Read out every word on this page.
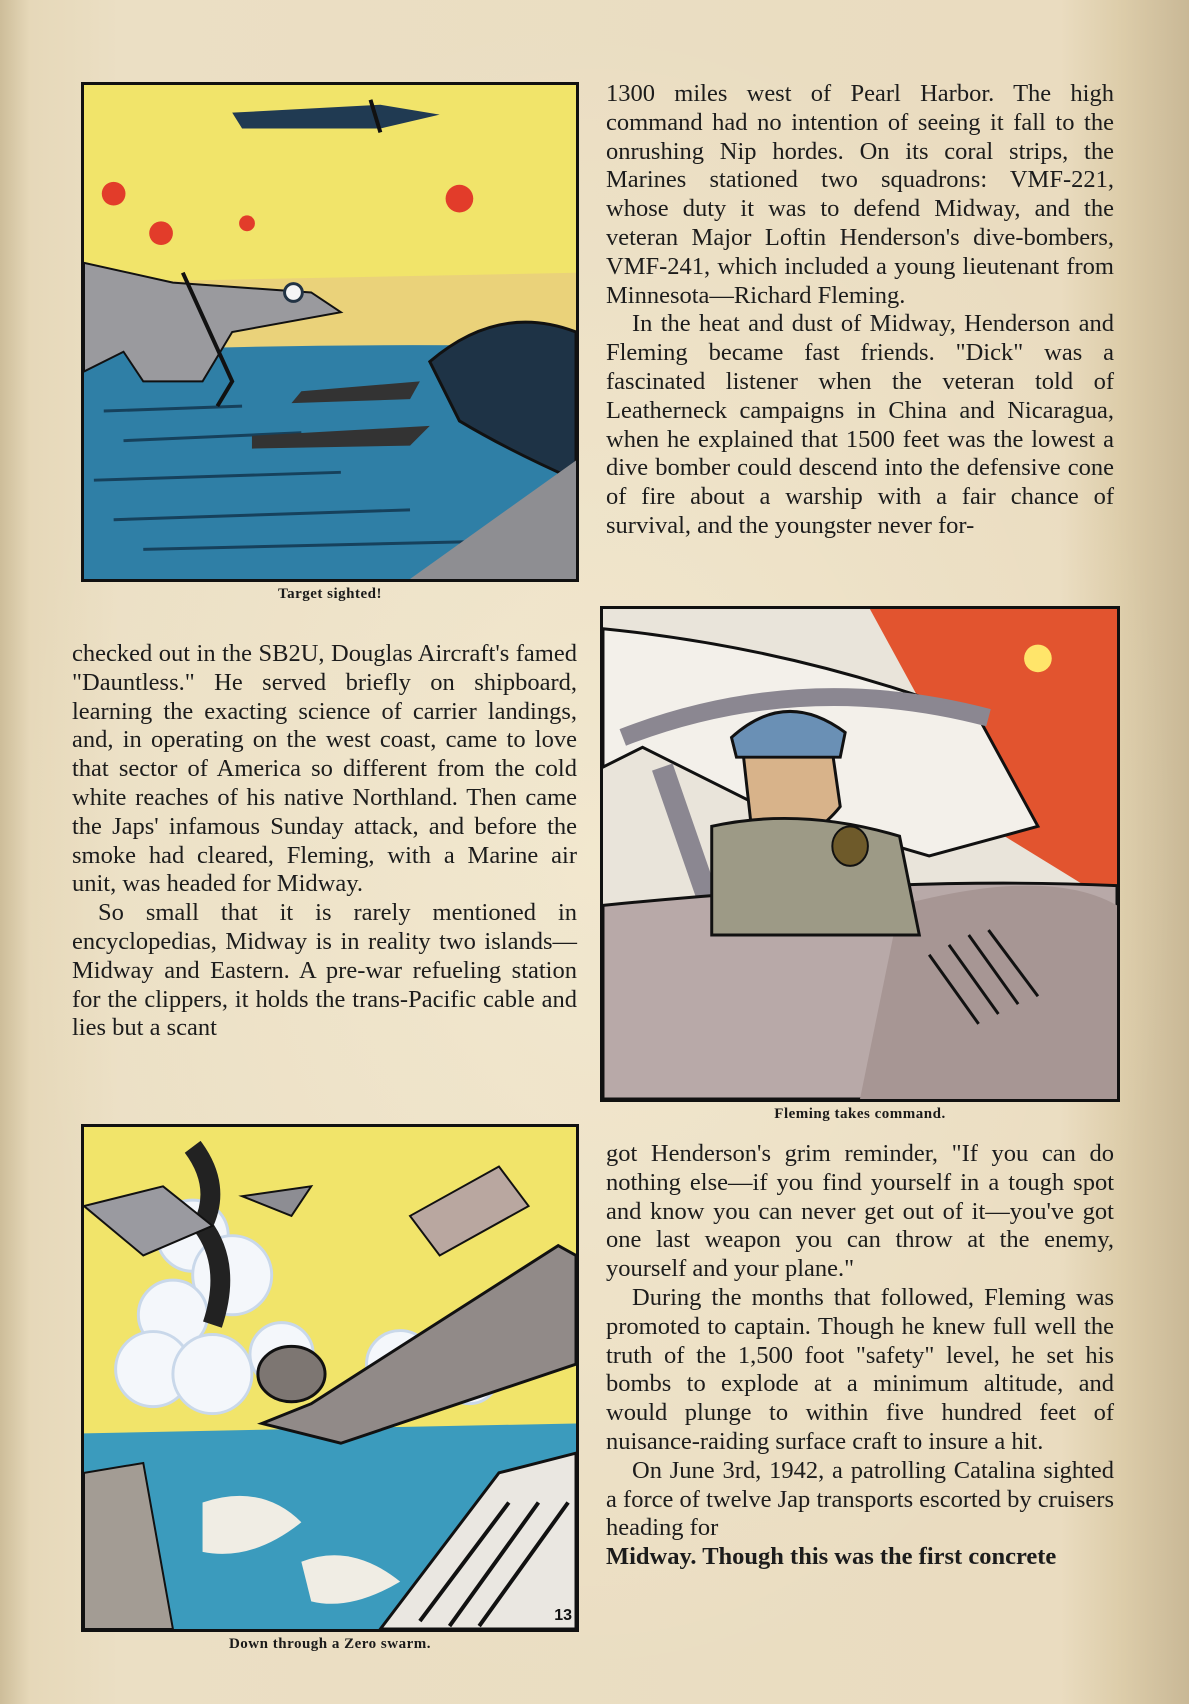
Target sighted!

1300 miles west of Pearl Harbor. The high command had no intention of seeing it fall to the onrushing Nip hordes. On its coral strips, the Marines stationed two squadrons: VMF-221, whose duty it was to defend Midway, and the veteran Major Loftin Henderson's dive-bombers, VMF-241, which included a young lieutenant from Minnesota—Richard Fleming.

In the heat and dust of Midway, Henderson and Fleming became fast friends. "Dick" was a fascinated listener when the veteran told of Leatherneck campaigns in China and Nicaragua, when he explained that 1500 feet was the lowest a dive bomber could descend into the defensive cone of fire about a warship with a fair chance of survival, and the youngster never for-

checked out in the SB2U, Douglas Aircraft's famed "Dauntless." He served briefly on shipboard, learning the exacting science of carrier landings, and, in operating on the west coast, came to love that sector of America so different from the cold white reaches of his native Northland. Then came the Japs' infamous Sunday attack, and before the smoke had cleared, Fleming, with a Marine air unit, was headed for Midway.

So small that it is rarely mentioned in encyclopedias, Midway is in reality two islands—Midway and Eastern. A pre-war refueling station for the clippers, it holds the trans-Pacific cable and lies but a scant

Fleming takes command.
13
Down through a Zero swarm.

got Henderson's grim reminder, "If you can do nothing else—if you find yourself in a tough spot and know you can never get out of it—you've got one last weapon you can throw at the enemy, yourself and your plane."

During the months that followed, Fleming was promoted to captain. Though he knew full well the truth of the 1,500 foot "safety" level, he set his bombs to explode at a minimum altitude, and would plunge to within five hundred feet of nuisance-raiding surface craft to insure a hit.

On June 3rd, 1942, a patrolling Catalina sighted a force of twelve Jap transports escorted by cruisers heading for

Midway. Though this was the first concrete
